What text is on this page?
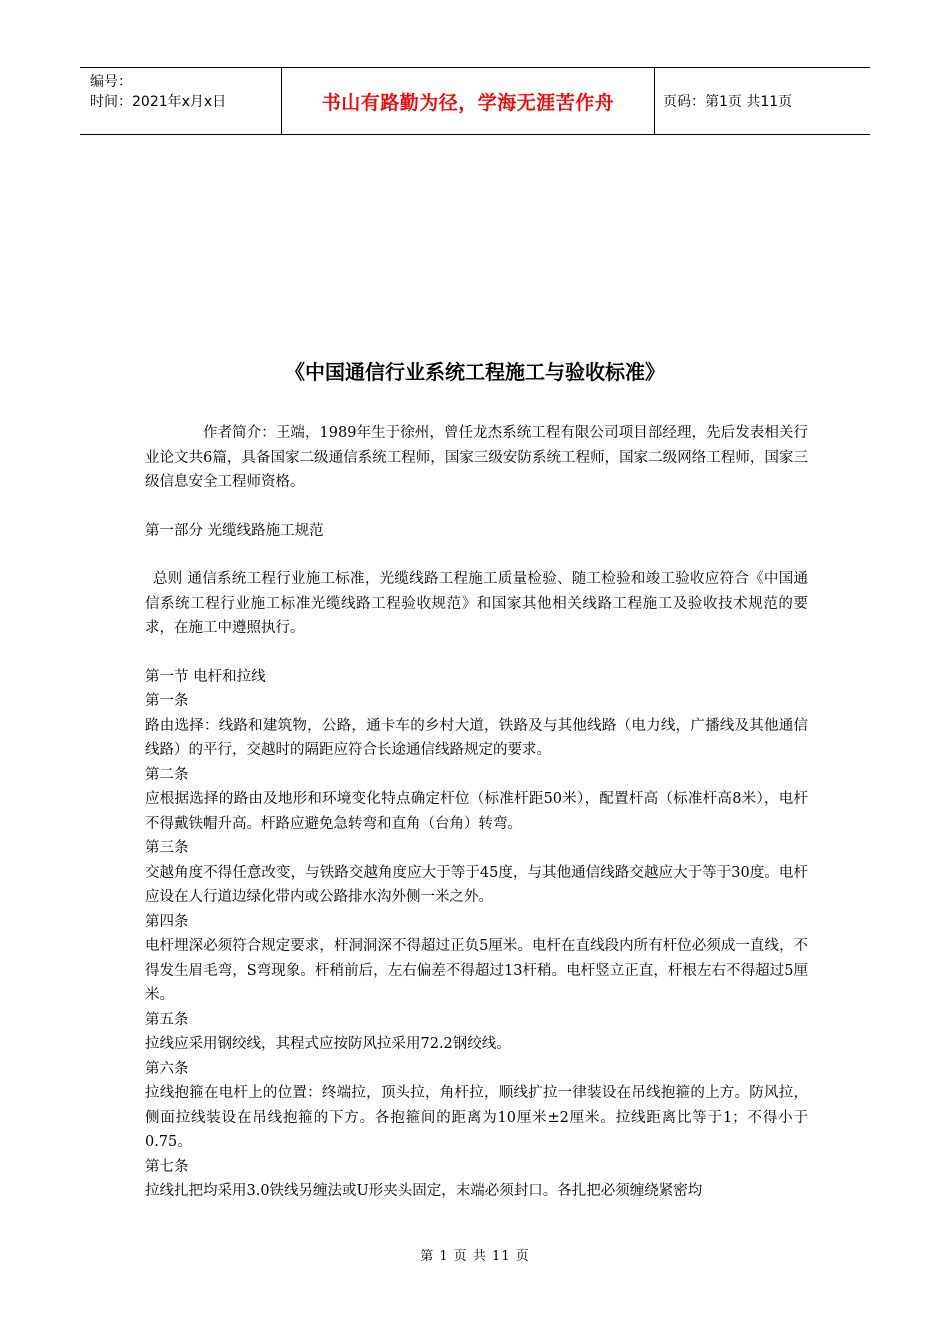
编号：
时间：2021年x月x日	书山有路勤为径，学海无涯苦作舟	页码：第1页 共11页
《中国通信行业系统工程施工与验收标准》

作者简介：王端，1989年生于徐州，曾任龙杰系统工程有限公司项目部经理，先后发表相关行业论文共6篇，具备国家二级通信系统工程师，国家三级安防系统工程师，国家二级网络工程师，国家三级信息安全工程师资格。

第一部分 光缆线路施工规范

总则 通信系统工程行业施工标准，光缆线路工程施工质量检验、随工检验和竣工验收应符合《中国通信系统工程行业施工标准光缆线路工程验收规范》和国家其他相关线路工程施工及验收技术规范的要求，在施工中遵照执行。

第一节 电杆和拉线

第一条

路由选择：线路和建筑物，公路，通卡车的乡村大道，铁路及与其他线路（电力线，广播线及其他通信线路）的平行，交越时的隔距应符合长途通信线路规定的要求。

第二条

应根据选择的路由及地形和环境变化特点确定杆位（标准杆距50米），配置杆高（标准杆高8米），电杆不得戴铁帽升高。杆路应避免急转弯和直角（台角）转弯。

第三条

交越角度不得任意改变，与铁路交越角度应大于等于45度，与其他通信线路交越应大于等于30度。电杆应设在人行道边绿化带内或公路排水沟外侧一米之外。

第四条

电杆埋深必须符合规定要求，杆洞洞深不得超过正负5厘米。电杆在直线段内所有杆位必须成一直线，不得发生眉毛弯，S弯现象。杆稍前后，左右偏差不得超过13杆稍。电杆竖立正直，杆根左右不得超过5厘米。

第五条

拉线应采用钢绞线，其程式应按防风拉采用72.2钢绞线。

第六条

拉线抱箍在电杆上的位置：终端拉，顶头拉，角杆拉，顺线扩拉一律装设在吊线抱箍的上方。防风拉，侧面拉线装设在吊线抱箍的下方。各抱箍间的距离为10厘米±2厘米。拉线距离比等于1；不得小于0.75。

第七条

拉线扎把均采用3.0铁线另缠法或U形夹头固定，末端必须封口。各扎把必须缠绕紧密均

第 1 页 共 11 页
